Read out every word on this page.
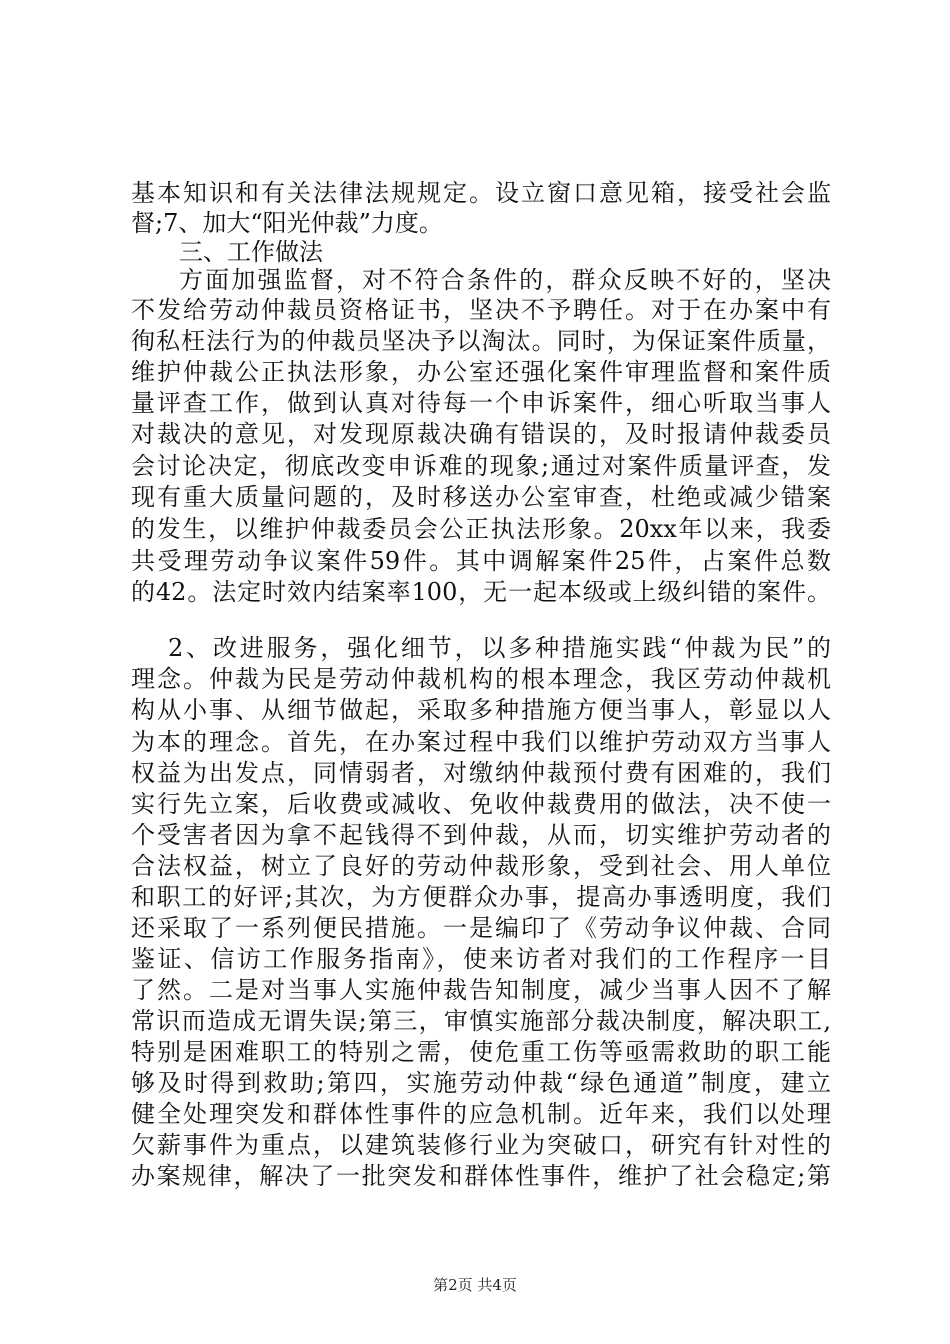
基本知识和有关法律法规规定。设立窗口意见箱，接受社会监
督;7、加大“阳光仲裁”力度。
三、工作做法
方面加强监督，对不符合条件的，群众反映不好的，坚决
不发给劳动仲裁员资格证书，坚决不予聘任。对于在办案中有
徇私枉法行为的仲裁员坚决予以淘汰。同时，为保证案件质量，
维护仲裁公正执法形象，办公室还强化案件审理监督和案件质
量评查工作，做到认真对待每一个申诉案件，细心听取当事人
对裁决的意见，对发现原裁决确有错误的，及时报请仲裁委员
会讨论决定，彻底改变申诉难的现象;通过对案件质量评查，发
现有重大质量问题的，及时移送办公室审查，杜绝或减少错案
的发生，以维护仲裁委员会公正执法形象。20xx年以来，我委
共受理劳动争议案件59件。其中调解案件25件，占案件总数
的42。法定时效内结案率100，无一起本级或上级纠错的案件。
2、改进服务，强化细节，以多种措施实践“仲裁为民”的
理念。仲裁为民是劳动仲裁机构的根本理念，我区劳动仲裁机
构从小事、从细节做起，采取多种措施方便当事人，彰显以人
为本的理念。首先，在办案过程中我们以维护劳动双方当事人
权益为出发点，同情弱者，对缴纳仲裁预付费有困难的，我们
实行先立案，后收费或减收、免收仲裁费用的做法，决不使一
个受害者因为拿不起钱得不到仲裁，从而，切实维护劳动者的
合法权益，树立了良好的劳动仲裁形象，受到社会、用人单位
和职工的好评;其次，为方便群众办事，提高办事透明度，我们
还采取了一系列便民措施。一是编印了《劳动争议仲裁、合同
鉴证、信访工作服务指南》，使来访者对我们的工作程序一目
了然。二是对当事人实施仲裁告知制度，减少当事人因不了解
常识而造成无谓失误;第三，审慎实施部分裁决制度，解决职工,
特别是困难职工的特别之需，使危重工伤等亟需救助的职工能
够及时得到救助;第四，实施劳动仲裁“绿色通道”制度，建立
健全处理突发和群体性事件的应急机制。近年来，我们以处理
欠薪事件为重点，以建筑装修行业为突破口，研究有针对性的
办案规律，解决了一批突发和群体性事件，维护了社会稳定;第
第2页 共4页
